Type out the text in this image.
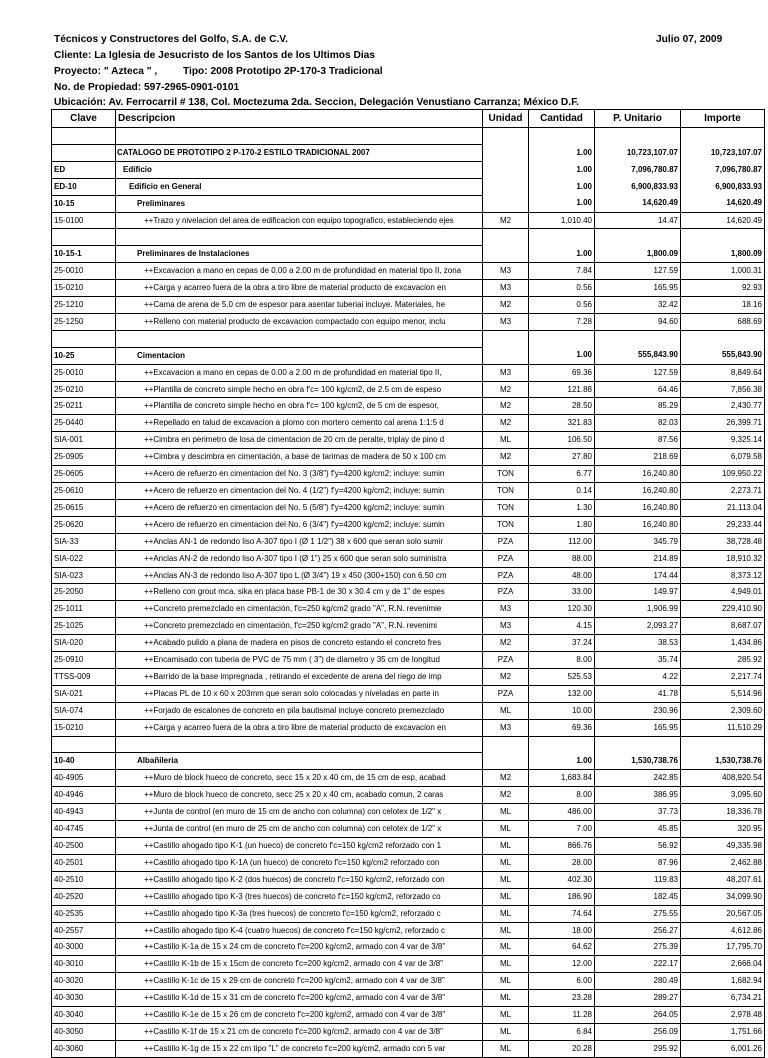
Técnicos y Constructores del Golfo, S.A. de C.V.	Julio 07, 2009
Cliente: La Iglesia de Jesucristo de los Santos de los Ultimos Dias
Proyecto: " Azteca " ,	Tipo: 2008 Prototipo 2P-170-3 Tradicional
No. de Propiedad: 597-2965-0901-0101
Ubicación: Av. Ferrocarril # 138, Col. Moctezuma 2da. Seccion, Delegación Venustiano Carranza; México D.F.
Clave	Descripcion	Unidad	Cantidad	P. Unitario	Importe

	CATALOGO DE PROTOTIPO 2 P-170-2 ESTILO TRADICIONAL 2007		1.00	10,723,107.07	10,723,107.07
ED	Edificio		1.00	7,096,780.87	7,096,780.87
ED-10	Edificio en General		1.00	6,900,833.93	6,900,833.93
10-15	Preliminares		1.00	14,620.49	14,620.49
15-0100	++Trazo y nivelacion del area de edificacion con equipo topografico, estableciendo ejes	M2	1,010.40	14.47	14,620.49

10-15-1	Preliminares de Instalaciones		1.00	1,800.09	1,800.09
25-0010	++Excavacion a mano en cepas de 0.00 a 2.00 m de profundidad en material tipo II, zona	M3	7.84	127.59	1,000.31
15-0210	++Carga y acarreo fuera de la obra a tiro libre de material producto de excavacion en	M3	0.56	165.95	92.93
25-1210	++Cama de arena de 5.0 cm de espesor para asentar tuberiai incluye. Materiales, he	M2	0.56	32.42	18.16
25-1250	++Relleno con material producto de excavacion compactado con equipo menor, inclu	M3	7.28	94.60	688.69

10-25	Cimentacion		1.00	555,843.90	555,843.90
25-0010	++Excavacion a mano en cepas de 0.00 a 2.00 m de profundidad en material tipo II,	M3	69.36	127.59	8,849.64
25-0210	++Plantilla de concreto simple hecho en obra f'c= 100 kg/cm2, de 2.5 cm de espeso	M2	121.88	64.46	7,856.38
25-0211	++Plantilla de concreto simple hecho en obra f'c= 100 kg/cm2, de 5 cm de espesor,	M2	28.50	85.29	2,430.77
25-0440	++Repellado en talud de excavacion a plomo con mortero cemento cal arena 1:1:5 d	M2	321.83	82.03	26,399.71
SIA-001	++Cimbra en perimetro de losa de cimentacion de 20 cm de peralte, triplay de pino d	ML	106.50	87.56	9,325.14
25-0905	++Cimbra y descimbra en cimentación, a base de tarimas de madera de 50 x 100 cm	M2	27.80	218.69	6,079.58
25-0605	++Acero de refuerzo en cimentacion del No. 3 (3/8") f'y=4200 kg/cm2; incluye: sumin	TON	6.77	16,240.80	109,950.22
25-0610	++Acero de refuerzo en cimentacion del No. 4 (1/2") f'y=4200 kg/cm2; incluye: sumin	TON	0.14	16,240.80	2,273.71
25-0615	++Acero de refuerzo en cimentacion del No. 5 (5/8") f'y=4200 kg/cm2; incluye: sumin	TON	1.30	16,240.80	21,113.04
25-0620	++Acero de refuerzo en cimentacion del No. 6 (3/4") f'y=4200 kg/cm2; incluye: sumin	TON	1.80	16,240.80	29,233.44
SIA-33	++Anclas AN-1 de redondo liso A-307 tipo I (Ø 1 1/2") 38 x 600 que seran solo sumir	PZA	112.00	345.79	38,728.48
SIA-022	++Anclas AN-2 de redondo liso A-307 tipo I (Ø 1") 25 x 600 que seran solo suministra	PZA	88.00	214.89	18,910.32
SIA-023	++Anclas AN-3 de redondo liso A-307 tipo L (Ø 3/4") 19 x 450 (300+150) con 6.50 cm	PZA	48.00	174.44	8,373.12
25-2050	++Relleno con grout mca. sika en placa base PB-1 de 30 x 30.4 cm y de 1" de espes	PZA	33.00	149.97	4,949.01
25-1011	++Concreto premezclado en cimentación, f'c=250 kg/cm2 grado "A", R.N. revenimie	M3	120.30	1,906.99	229,410.90
25-1025	++Concreto premezclado en cimentación, f'c=250 kg/cm2 grado "A", R.N. revenimi	M3	4.15	2,093.27	8,687.07
SIA-020	++Acabado pulido a plana de madera en pisos de concreto estando el concreto fres	M2	37.24	38.53	1,434.86
25-0910	++Encamisado con tuberia de PVC de 75 mm ( 3") de diametro y 35 cm de longitud	PZA	8.00	35.74	285.92
TTSS-009	++Barrido de la base impregnada , retirando el excedente de arena del riego de imp	M2	525.53	4.22	2,217.74
SIA-021	++Placas PL de 10 x 60 x 203mm que seran solo colocadas y niveladas en parte in	PZA	132.00	41.78	5,514.96
SIA-074	++Forjado de escalones de concreto en pila bautismal incluye concreto premezclado	ML	10.00	230.96	2,309.60
15-0210	++Carga y acarreo fuera de la obra a tiro libre de material producto de excavacion en	M3	69.36	165.95	11,510.29

10-40	Albañileria		1.00	1,530,738.76	1,530,738.76
40-4905	++Muro de block hueco de concreto, secc 15 x 20 x 40 cm, de 15 cm de esp, acabad	M2	1,683.84	242.85	408,920.54
40-4946	++Muro de block hueco de concreto, secc 25 x 20 x 40 cm, acabado comun, 2 caras	M2	8.00	386.95	3,095.60
40-4943	++Junta de control (en muro de 15 cm de ancho con columna) con celotex de 1/2" x	ML	486.00	37.73	18,336.78
40-4745	++Junta de control (en muro de 25 cm de ancho con columna) con celotex de 1/2" x	ML	7.00	45.85	320.95
40-2500	++Castillo ahogado tipo K-1 (un hueco) de concreto f'c=150 kg/cm2 reforzado con 1	ML	866.76	56.92	49,335.98
40-2501	++Castillo ahogado tipo K-1A (un hueco) de concreto f'c=150 kg/cm2 reforzado con	ML	28.00	87.96	2,462.88
40-2510	++Castillo ahogado tipo K-2 (dos huecos) de concreto f'c=150 kg/cm2, reforzado con	ML	402.30	119.83	48,207.61
40-2520	++Castillo ahogado tipo K-3 (tres huecos) de concreto f'c=150 kg/cm2, reforzado co	ML	186.90	182.45	34,099.90
40-2535	++Castillo ahogado tipo K-3a (tres huecos) de concreto f'c=150 kg/cm2, reforzado c	ML	74.64	275.55	20,567.05
40-2557	++Castillo ahogado tipo K-4 (cuatro huecos) de concreto f'c=150 kg/cm2, reforzado c	ML	18.00	256.27	4,612.86
40-3000	++Castillo K-1a de 15 x 24 cm de concreto f'c=200 kg/cm2, armado con 4 var de 3/8"	ML	64.62	275.39	17,795.70
40-3010	++Castillo K-1b de 15 x 15cm de concreto f'c=200 kg/cm2, armado con 4 var de 3/8"	ML	12.00	222.17	2,666.04
40-3020	++Castillo K-1c de 15 x 29 cm de concreto f'c=200 kg/cm2, armado con 4 var de 3/8"	ML	6.00	280.49	1,682.94
40-3030	++Castillo K-1d de 15 x 31 cm de concreto f'c=200 kg/cm2, armado con 4 var de 3/8"	ML	23.28	289.27	6,734.21
40-3040	++Castillo K-1e de 15 x 26 cm de concreto f'c=200 kg/cm2, armado con 4 var de 3/8"	ML	11.28	264.05	2,978.48
40-3050	++Castillo K-1f de 15 x 21 cm de concreto f'c=200 kg/cm2, armado con 4 var de 3/8"	ML	6.84	256.09	1,751.66
40-3060	++Castillo K-1g de 15 x 22 cm tipo "L" de concreto f'c=200 kg/cm2, armado con 5 var	ML	20.28	295.92	6,001.26
